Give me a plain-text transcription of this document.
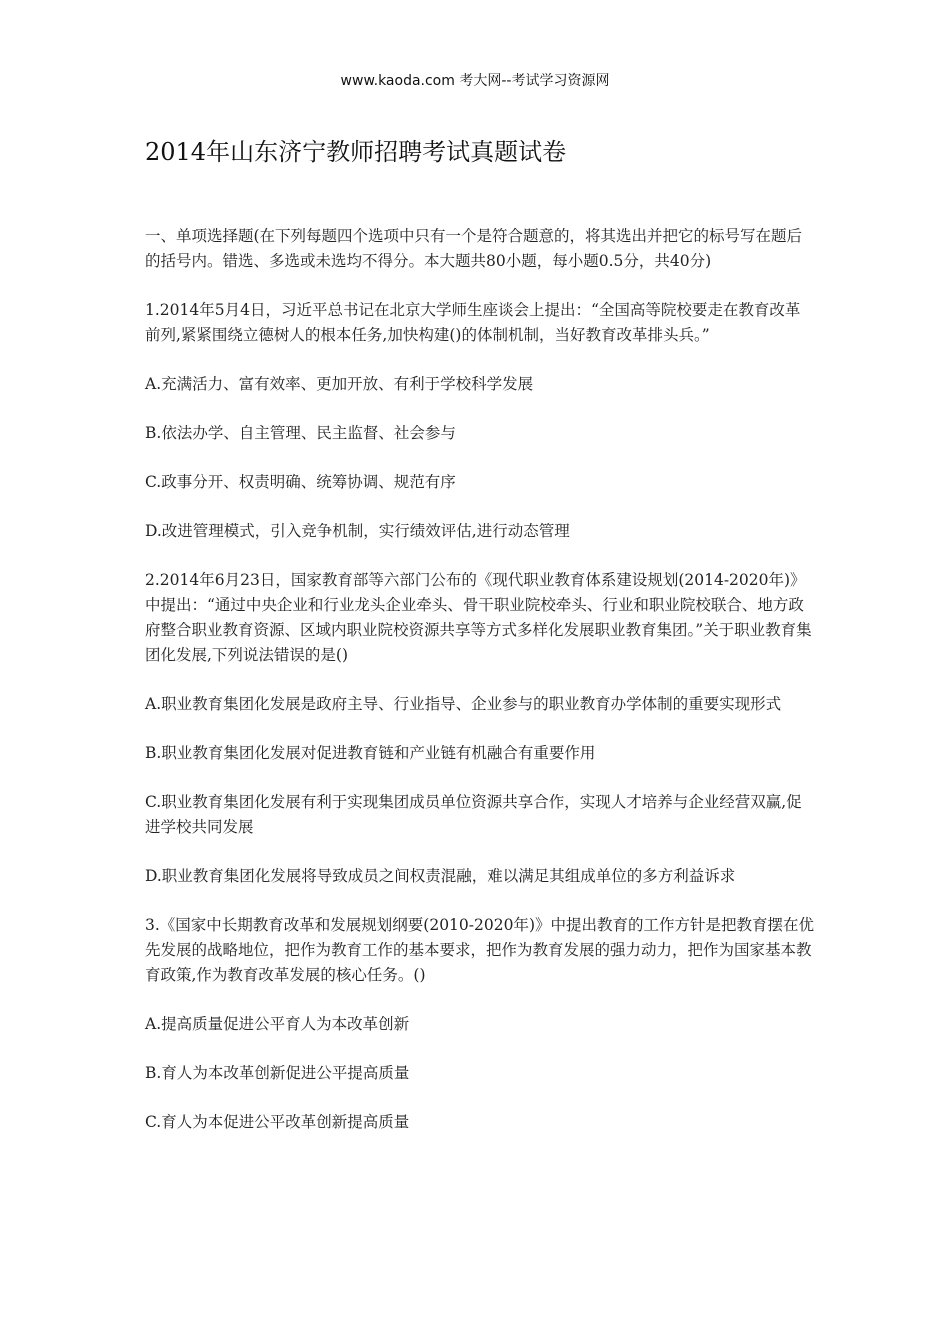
www.kaoda.com 考大网--考试学习资源网
2014年山东济宁教师招聘考试真题试卷

一、单项选择题(在下列每题四个选项中只有一个是符合题意的，将其选出并把它的标号写在题后的括号内。错选、多选或未选均不得分。本大题共80小题，每小题0.5分，共40分)

1.2014年5月4日，习近平总书记在北京大学师生座谈会上提出：“全国高等院校要走在教育改革前列,紧紧围绕立德树人的根本任务,加快构建()的体制机制，当好教育改革排头兵。”

A.充满活力、富有效率、更加开放、有利于学校科学发展

B.依法办学、自主管理、民主监督、社会参与

C.政事分开、权责明确、统筹协调、规范有序

D.改进管理模式，引入竞争机制，实行绩效评估,进行动态管理

2.2014年6月23日，国家教育部等六部门公布的《现代职业教育体系建设规划(2014-2020年)》中提出：“通过中央企业和行业龙头企业牵头、骨干职业院校牵头、行业和职业院校联合、地方政府整合职业教育资源、区域内职业院校资源共享等方式多样化发展职业教育集团。”关于职业教育集团化发展,下列说法错误的是()

A.职业教育集团化发展是政府主导、行业指导、企业参与的职业教育办学体制的重要实现形式

B.职业教育集团化发展对促进教育链和产业链有机融合有重要作用

C.职业教育集团化发展有利于实现集团成员单位资源共享合作，实现人才培养与企业经营双赢,促进学校共同发展

D.职业教育集团化发展将导致成员之间权责混融，难以满足其组成单位的多方利益诉求

3.《国家中长期教育改革和发展规划纲要(2010-2020年)》中提出教育的工作方针是把教育摆在优先发展的战略地位，把作为教育工作的基本要求，把作为教育发展的强力动力，把作为国家基本教育政策,作为教育改革发展的核心任务。()

A.提高质量促进公平育人为本改革创新

B.育人为本改革创新促进公平提高质量

C.育人为本促进公平改革创新提高质量
